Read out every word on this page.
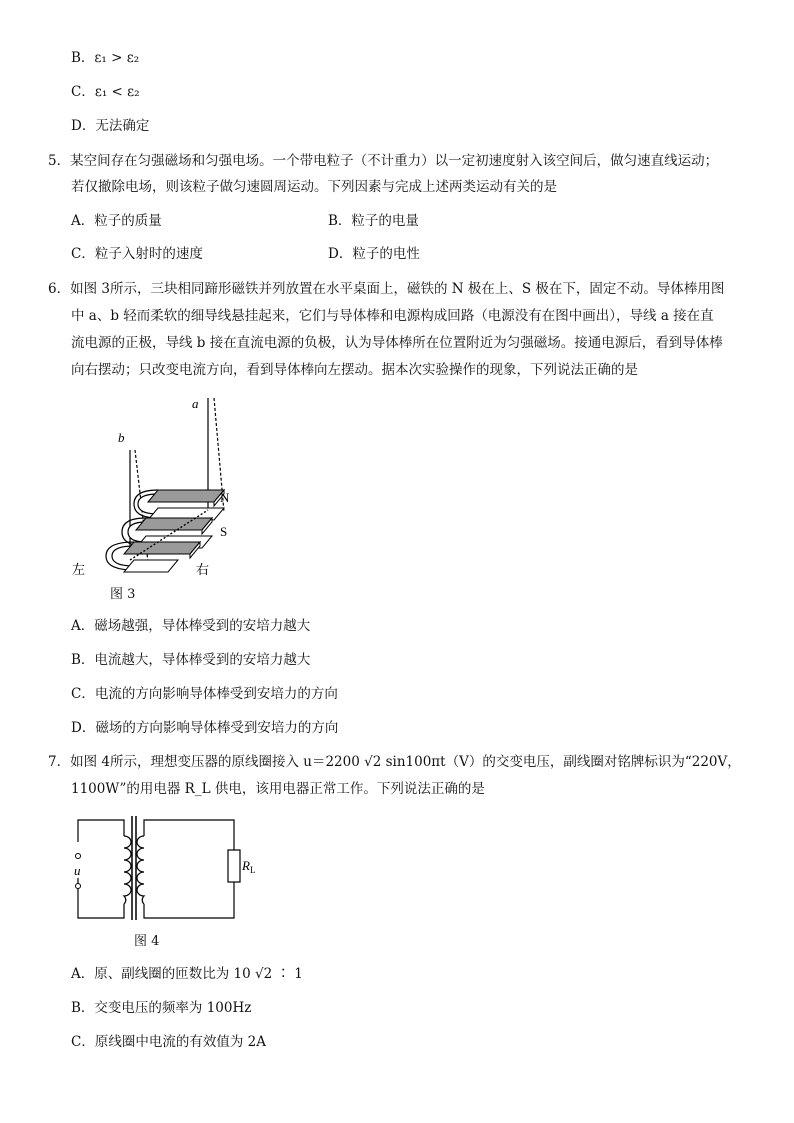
B．ε₁ > ε₂
C．ε₁ < ε₂
D．无法确定
5．某空间存在匀强磁场和匀强电场。一个带电粒子（不计重力）以一定初速度射入该空间后，做匀速直线运动；
若仅撤除电场，则该粒子做匀速圆周运动。下列因素与完成上述两类运动有关的是
A．粒子的质量	B．粒子的电量
C．粒子入射时的速度	D．粒子的电性
6．如图 3所示，三块相同蹄形磁铁并列放置在水平桌面上，磁铁的 N 极在上、S 极在下，固定不动。导体棒用图
中 a、b 轻而柔软的细导线悬挂起来，它们与导体棒和电源构成回路（电源没有在图中画出），导线 a 接在直
流电源的正极，导线 b 接在直流电源的负极，认为导体棒所在位置附近为匀强磁场。接通电源后，看到导体棒
向右摆动；只改变电流方向，看到导体棒向左摆动。据本次实验操作的现象，下列说法正确的是
a
b
N
S
左	右
图 3
A．磁场越强，导体棒受到的安培力越大
B．电流越大，导体棒受到的安培力越大
C．电流的方向影响导体棒受到安培力的方向
D．磁场的方向影响导体棒受到安培力的方向
7．如图 4所示，理想变压器的原线圈接入 u＝2200 √2 sin100πt（V）的交变电压，副线圈对铭牌标识为“220V，
1100W”的用电器 R_L 供电，该用电器正常工作。下列说法正确的是
u	$R_L$
图 4
A．原、副线圈的匝数比为 10 √2 ∶ 1
B．交变电压的频率为 100Hz
C．原线圈中电流的有效值为 2A
